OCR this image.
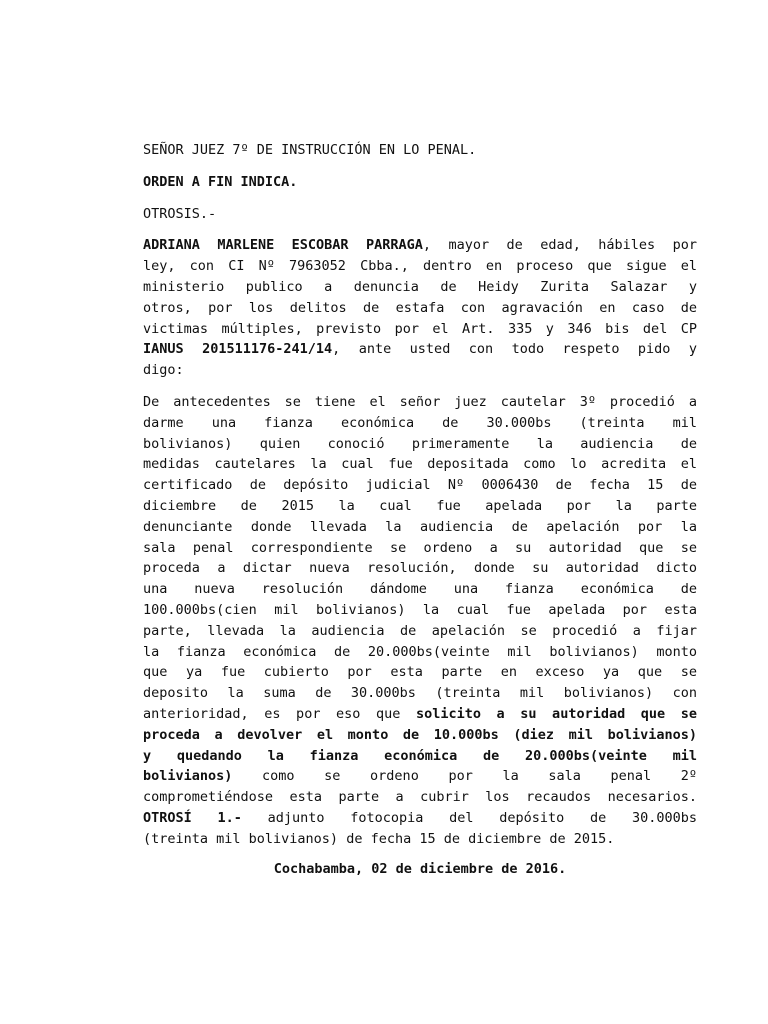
SEÑOR JUEZ 7º DE INSTRUCCIÓN EN LO PENAL.

ORDEN A FIN INDICA.

OTROSIS.-

ADRIANA MARLENE ESCOBAR PARRAGA, mayor de edad, hábiles por

ley, con CI Nº 7963052 Cbba., dentro en proceso que sigue el

ministerio publico a denuncia de Heidy Zurita Salazar y

otros, por los delitos de estafa con agravación en caso de

victimas múltiples, previsto por el Art. 335 y 346 bis del CP

IANUS 201511176-241/14, ante usted con todo respeto pido y

digo:

De antecedentes se tiene el señor juez cautelar 3º procedió a

darme una fianza económica de 30.000bs (treinta mil

bolivianos) quien conoció primeramente la audiencia de

medidas cautelares la cual fue depositada como lo acredita el

certificado de depósito judicial Nº 0006430 de fecha 15 de

diciembre de 2015 la cual fue apelada por la parte

denunciante donde llevada la audiencia de apelación por la

sala penal correspondiente se ordeno a su autoridad que se

proceda a dictar nueva resolución, donde su autoridad dicto

una nueva resolución dándome una fianza económica de

100.000bs(cien mil bolivianos) la cual fue apelada por esta

parte, llevada la audiencia de apelación se procedió a fijar

la fianza económica de 20.000bs(veinte mil bolivianos) monto

que ya fue cubierto por esta parte en exceso ya que se

deposito la suma de 30.000bs (treinta mil bolivianos) con

anterioridad, es por eso que solicito a su autoridad que se

proceda a devolver el monto de 10.000bs (diez mil bolivianos)

y quedando la fianza económica de 20.000bs(veinte mil

bolivianos) como se ordeno por la sala penal 2º

comprometiéndose esta parte a cubrir los recaudos necesarios.

OTROSÍ 1.- adjunto fotocopia del depósito de 30.000bs

(treinta mil bolivianos) de fecha 15 de diciembre de 2015.

Cochabamba, 02 de diciembre de 2016.
